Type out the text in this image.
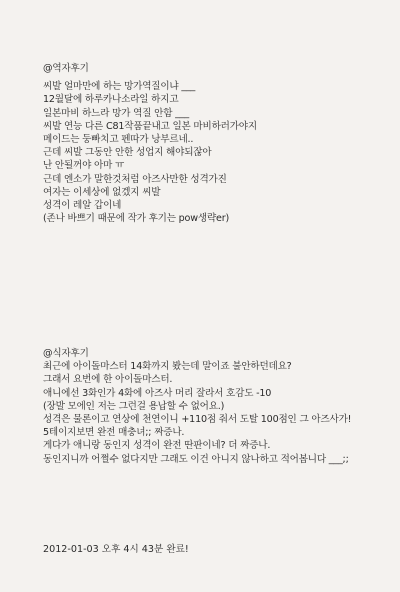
@역자후기
씨발 얼마만에 하는 망가역질이냐 ___
12월달에 하루카나소라일 하지고
일본마비 하느라 망가 역질 안함 ___
씨발 연능 다른 C81작품끝내고 일본 마비하러가야지
메이드는 둥빠치고 펜따가 낭부르네..
근데 씨발 그동안 안한 성업지 해야되잖아
난 안될꺼야 아마 ㅠ
근데 엔소가 말한것처럼 아즈사만한 성격가진
여자는 이세상에 없겠지 씨발
성격이 레알 갑이네
(존나 바쁘기 때문에 작가 후기는 pow생략er)
@식자후기
최근에 아이돌마스터 14화까지 봤는데 말이죠 불안하던데요?
그래서 요번에 한 아이돌마스터.
애니에선 3화인가 4화에 아즈사 머리 잘라서 호감도 -10
(장발 모에인 저는 그런걸 용납할 수 없어요.)
성격은 물론이고 연상에 천연이니 +110점 줘서 도탈 100점인 그 아즈사가!
5테이지보면 완전 매충녀;; 짜증나.
게다가 애니랑 동인지 성격이 완전 딴판이네? 더 짜증나.
동인지니까 어쩔수 없다지만 그래도 이건 아니지 않나하고 적어봅니다 ___;;
2012-01-03 오후 4시 43분 완료!
